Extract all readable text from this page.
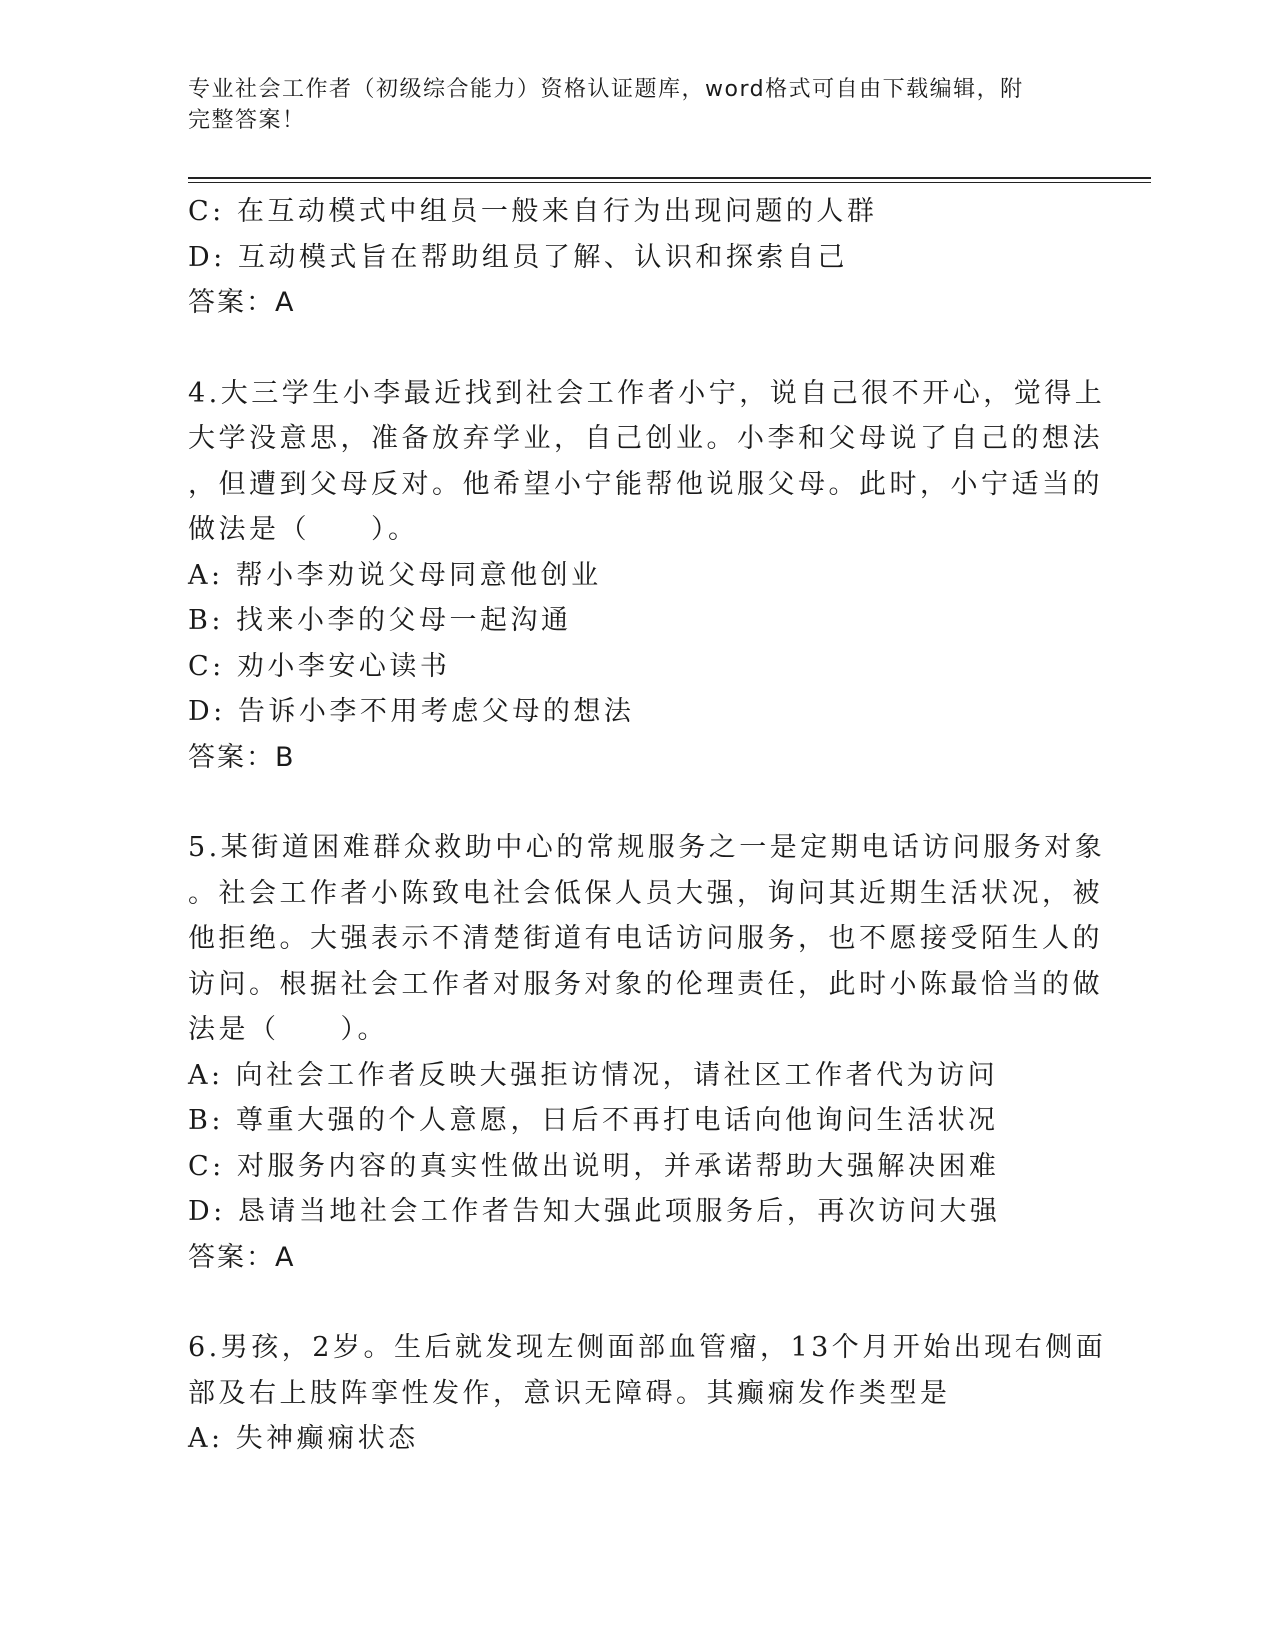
专业社会工作者（初级综合能力）资格认证题库，word格式可自由下载编辑，附
完整答案！
C: 在互动模式中组员一般来自行为出现问题的人群
D: 互动模式旨在帮助组员了解、认识和探索自己
答案：A
4.大三学生小李最近找到社会工作者小宁，说自己很不开心，觉得上
大学没意思，准备放弃学业，自己创业。小李和父母说了自己的想法
，但遭到父母反对。他希望小宁能帮他说服父母。此时，小宁适当的
做法是（　　）。
A: 帮小李劝说父母同意他创业
B: 找来小李的父母一起沟通
C: 劝小李安心读书
D: 告诉小李不用考虑父母的想法
答案：B
5.某街道困难群众救助中心的常规服务之一是定期电话访问服务对象
。社会工作者小陈致电社会低保人员大强，询问其近期生活状况，被
他拒绝。大强表示不清楚街道有电话访问服务，也不愿接受陌生人的
访问。根据社会工作者对服务对象的伦理责任，此时小陈最恰当的做
法是（　　）。
A: 向社会工作者反映大强拒访情况，请社区工作者代为访问
B: 尊重大强的个人意愿，日后不再打电话向他询问生活状况
C: 对服务内容的真实性做出说明，并承诺帮助大强解决困难
D: 恳请当地社会工作者告知大强此项服务后，再次访问大强
答案：A
6.男孩，2岁。生后就发现左侧面部血管瘤，13个月开始出现右侧面
部及右上肢阵挛性发作，意识无障碍。其癫痫发作类型是
A: 失神癫痫状态
